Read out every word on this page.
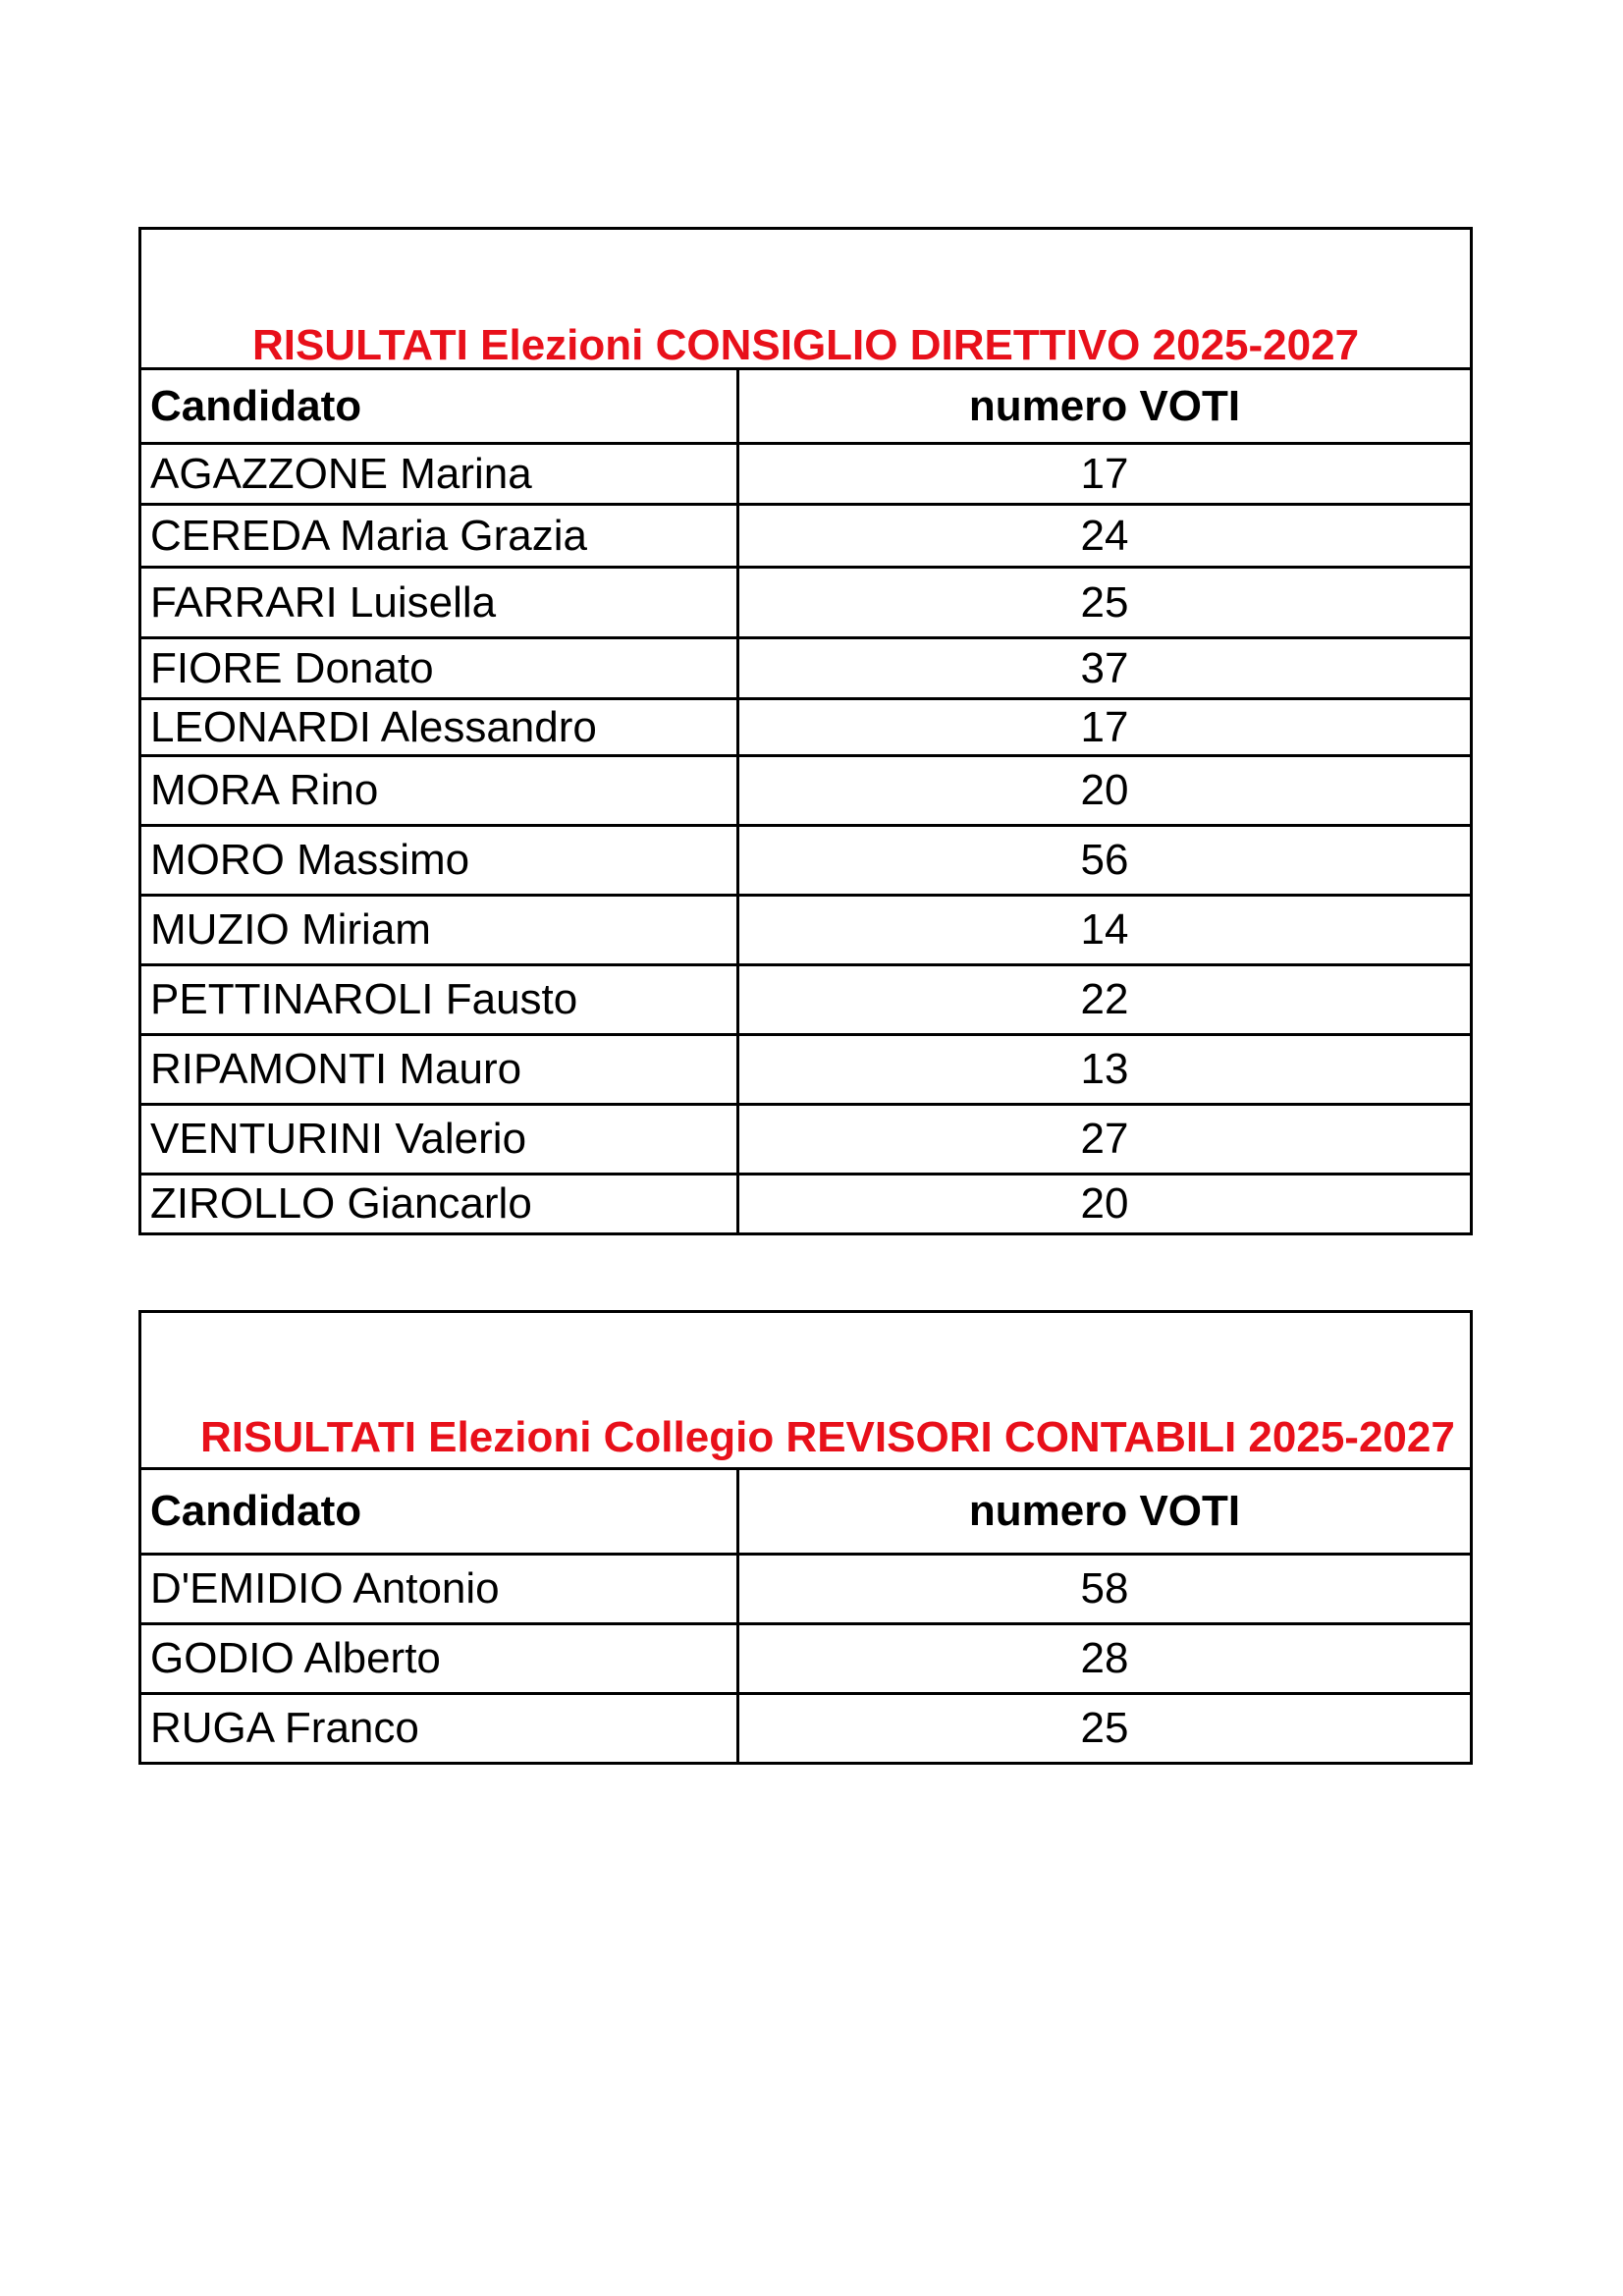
RISULTATI Elezioni CONSIGLIO DIRETTIVO 2025-2027	
Candidato	numero VOTI
AGAZZONE Marina	17
CEREDA Maria Grazia	24
FARRARI Luisella	25
FIORE Donato	37
LEONARDI Alessandro	17
MORA Rino	20
MORO Massimo	56
MUZIO Miriam	14
PETTINAROLI Fausto	22
RIPAMONTI Mauro	13
VENTURINI Valerio	27
ZIROLLO Giancarlo	20
RISULTATI Elezioni Collegio REVISORI CONTABILI 2025-2027	
Candidato	numero VOTI
D'EMIDIO Antonio	58
GODIO Alberto	28
RUGA Franco	25
